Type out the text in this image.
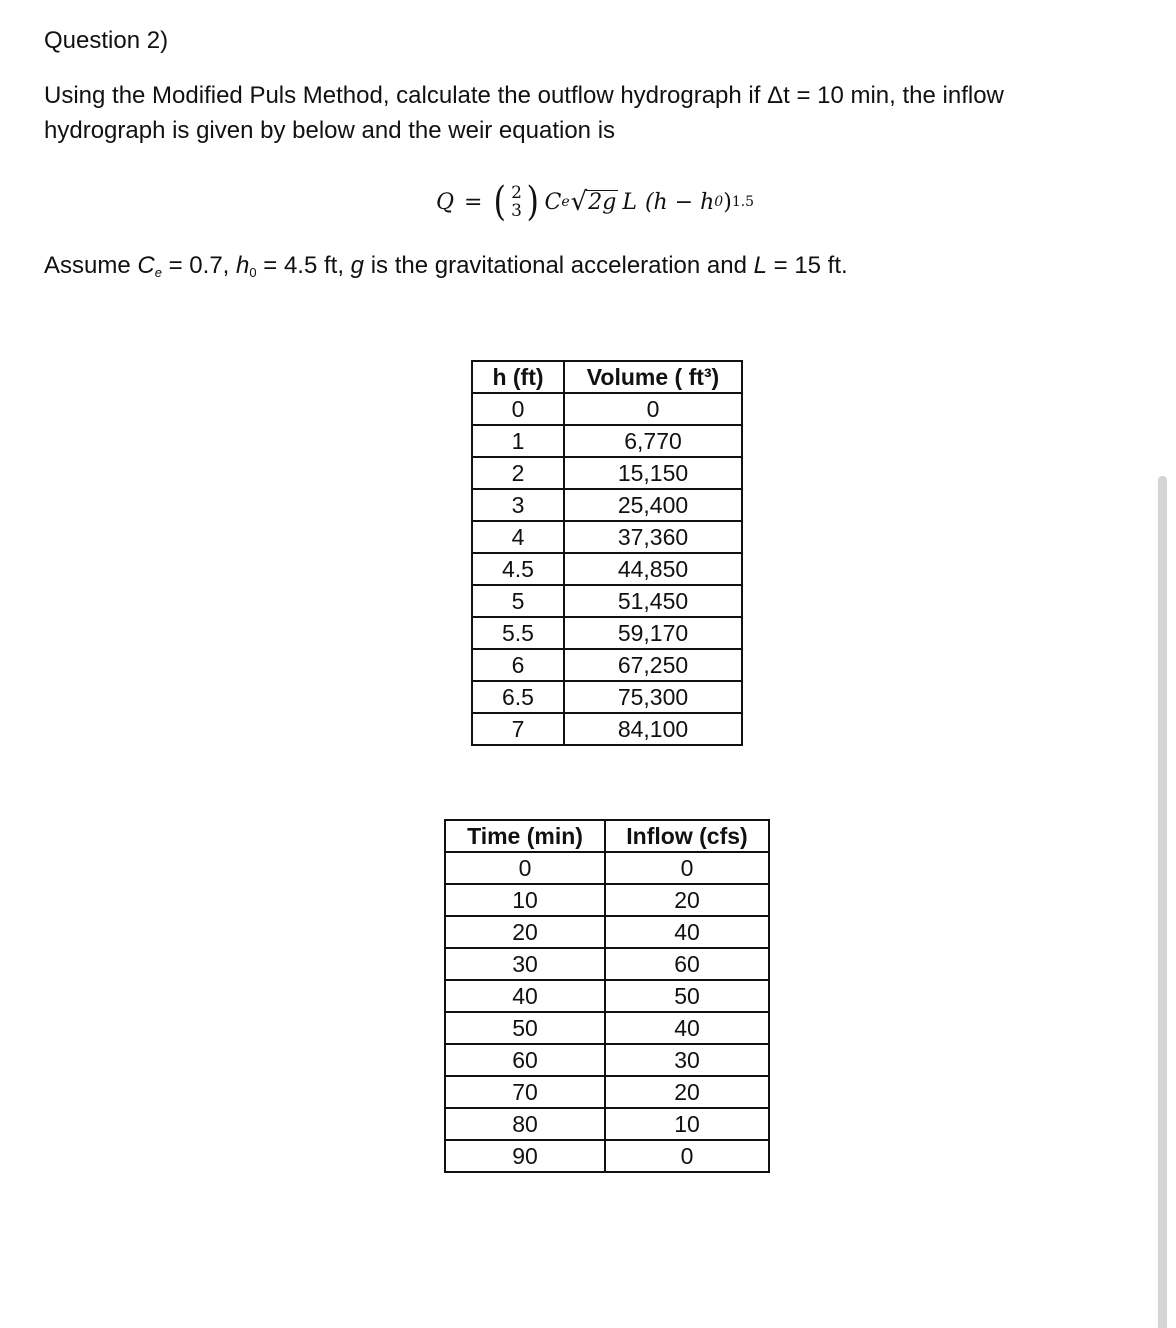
Question 2)
Using the Modified Puls Method, calculate the outflow hydrograph if Δt = 10 min, the inflow hydrograph is given by below and the weir equation is
Q = ( 2
3 ) C e √ 2g L (h − h 0 ) 1.5
Assume Ce = 0.7, h0 = 4.5 ft, g is the gravitational acceleration and L = 15 ft.
h (ft)	Volume ( ft³)
0	0
1	6,770
2	15,150
3	25,400
4	37,360
4.5	44,850
5	51,450
5.5	59,170
6	67,250
6.5	75,300
7	84,100
Time (min)	Inflow (cfs)
0	0
10	20
20	40
30	60
40	50
50	40
60	30
70	20
80	10
90	0
